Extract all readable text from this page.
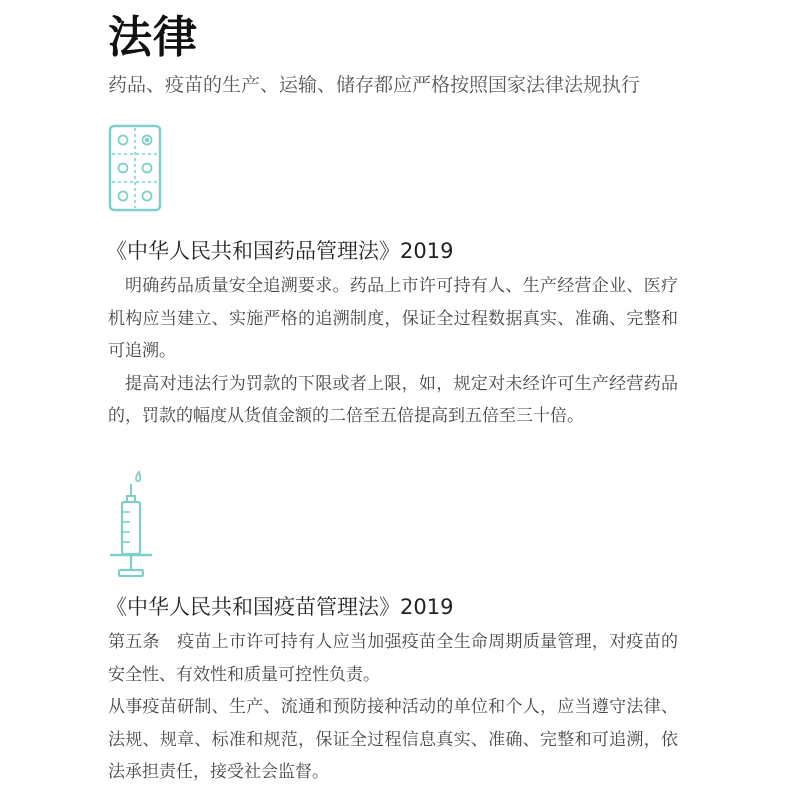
法律

药品、疫苗的生产、运输、储存都应严格按照国家法律法规执行

《中华人民共和国药品管理法》2019

明确药品质量安全追溯要求。药品上市许可持有人、生产经营企业、医疗机构应当建立、实施严格的追溯制度，保证全过程数据真实、准确、完整和可追溯。

提高对违法行为罚款的下限或者上限，如，规定对未经许可生产经营药品的，罚款的幅度从货值金额的二倍至五倍提高到五倍至三十倍。

《中华人民共和国疫苗管理法》2019

第五条　疫苗上市许可持有人应当加强疫苗全生命周期质量管理，对疫苗的安全性、有效性和质量可控性负责。

从事疫苗研制、生产、流通和预防接种活动的单位和个人，应当遵守法律、法规、规章、标准和规范，保证全过程信息真实、准确、完整和可追溯，依法承担责任，接受社会监督。
